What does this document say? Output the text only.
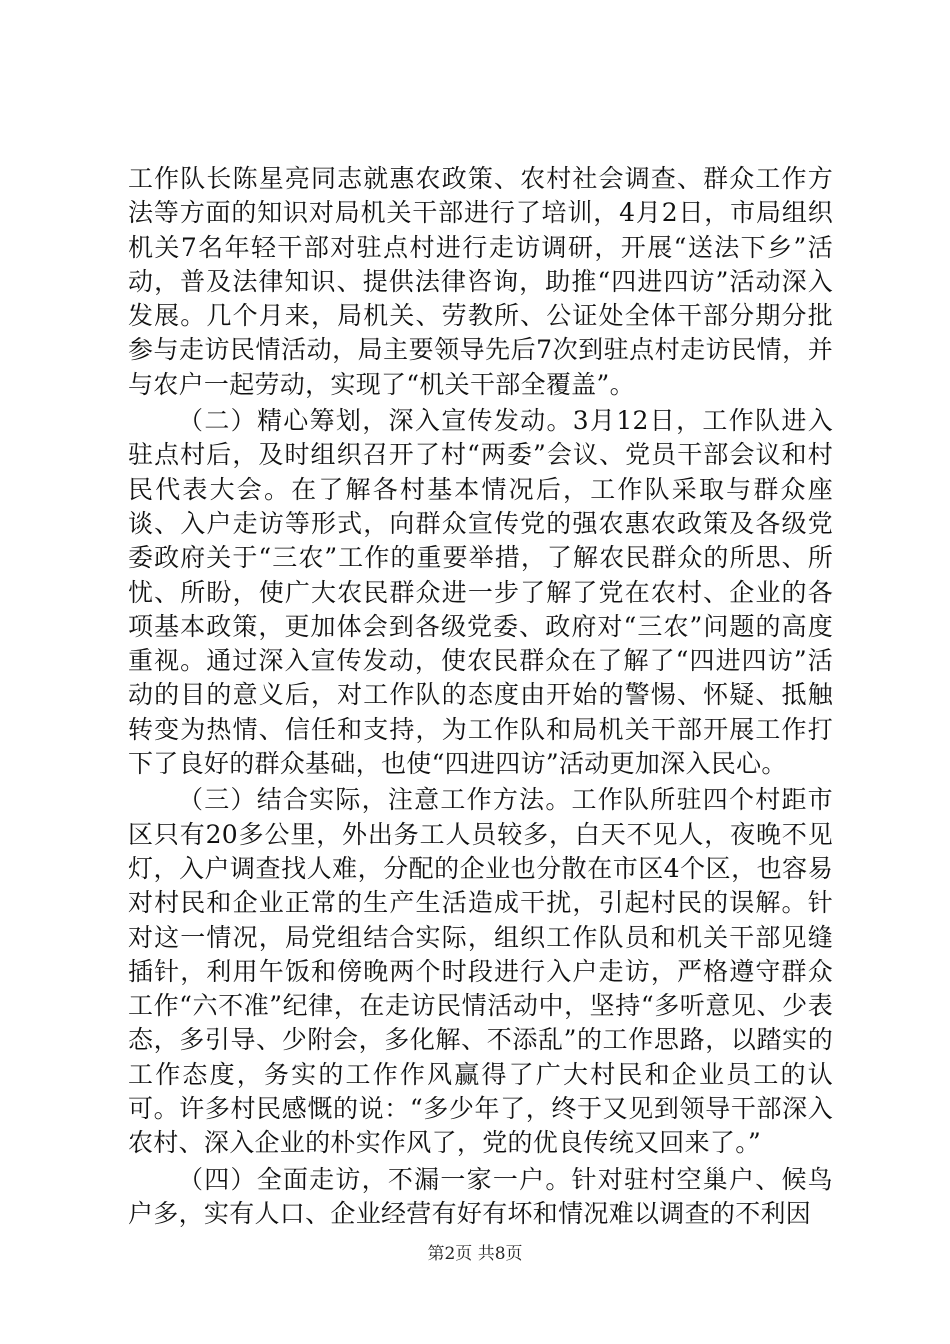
工作队长陈星亮同志就惠农政策、农村社会调查、群众工作方法等方面的知识对局机关干部进行了培训，4月2日，市局组织机关7名年轻干部对驻点村进行走访调研，开展“送法下乡”活动，普及法律知识、提供法律咨询，助推“四进四访”活动深入发展。几个月来，局机关、劳教所、公证处全体干部分期分批参与走访民情活动，局主要领导先后7次到驻点村走访民情，并与农户一起劳动，实现了“机关干部全覆盖”。

（二）精心筹划，深入宣传发动。3月12日，工作队进入驻点村后，及时组织召开了村“两委”会议、党员干部会议和村民代表大会。在了解各村基本情况后，工作队采取与群众座谈、入户走访等形式，向群众宣传党的强农惠农政策及各级党委政府关于“三农”工作的重要举措，了解农民群众的所思、所忧、所盼，使广大农民群众进一步了解了党在农村、企业的各项基本政策，更加体会到各级党委、政府对“三农”问题的高度重视。通过深入宣传发动，使农民群众在了解了“四进四访”活动的目的意义后，对工作队的态度由开始的警惕、怀疑、抵触转变为热情、信任和支持，为工作队和局机关干部开展工作打下了良好的群众基础，也使“四进四访”活动更加深入民心。

（三）结合实际，注意工作方法。工作队所驻四个村距市区只有20多公里，外出务工人员较多，白天不见人，夜晚不见灯，入户调查找人难，分配的企业也分散在市区4个区，也容易对村民和企业正常的生产生活造成干扰，引起村民的误解。针对这一情况，局党组结合实际，组织工作队员和机关干部见缝插针，利用午饭和傍晚两个时段进行入户走访，严格遵守群众工作“六不准”纪律，在走访民情活动中，坚持“多听意见、少表态，多引导、少附会，多化解、不添乱”的工作思路，以踏实的工作态度，务实的工作作风赢得了广大村民和企业员工的认可。许多村民感慨的说：“多少年了，终于又见到领导干部深入农村、深入企业的朴实作风了，党的优良传统又回来了。”

（四）全面走访，不漏一家一户。针对驻村空巢户、候鸟户多，实有人口、企业经营有好有坏和情况难以调查的不利因

第2页 共8页
